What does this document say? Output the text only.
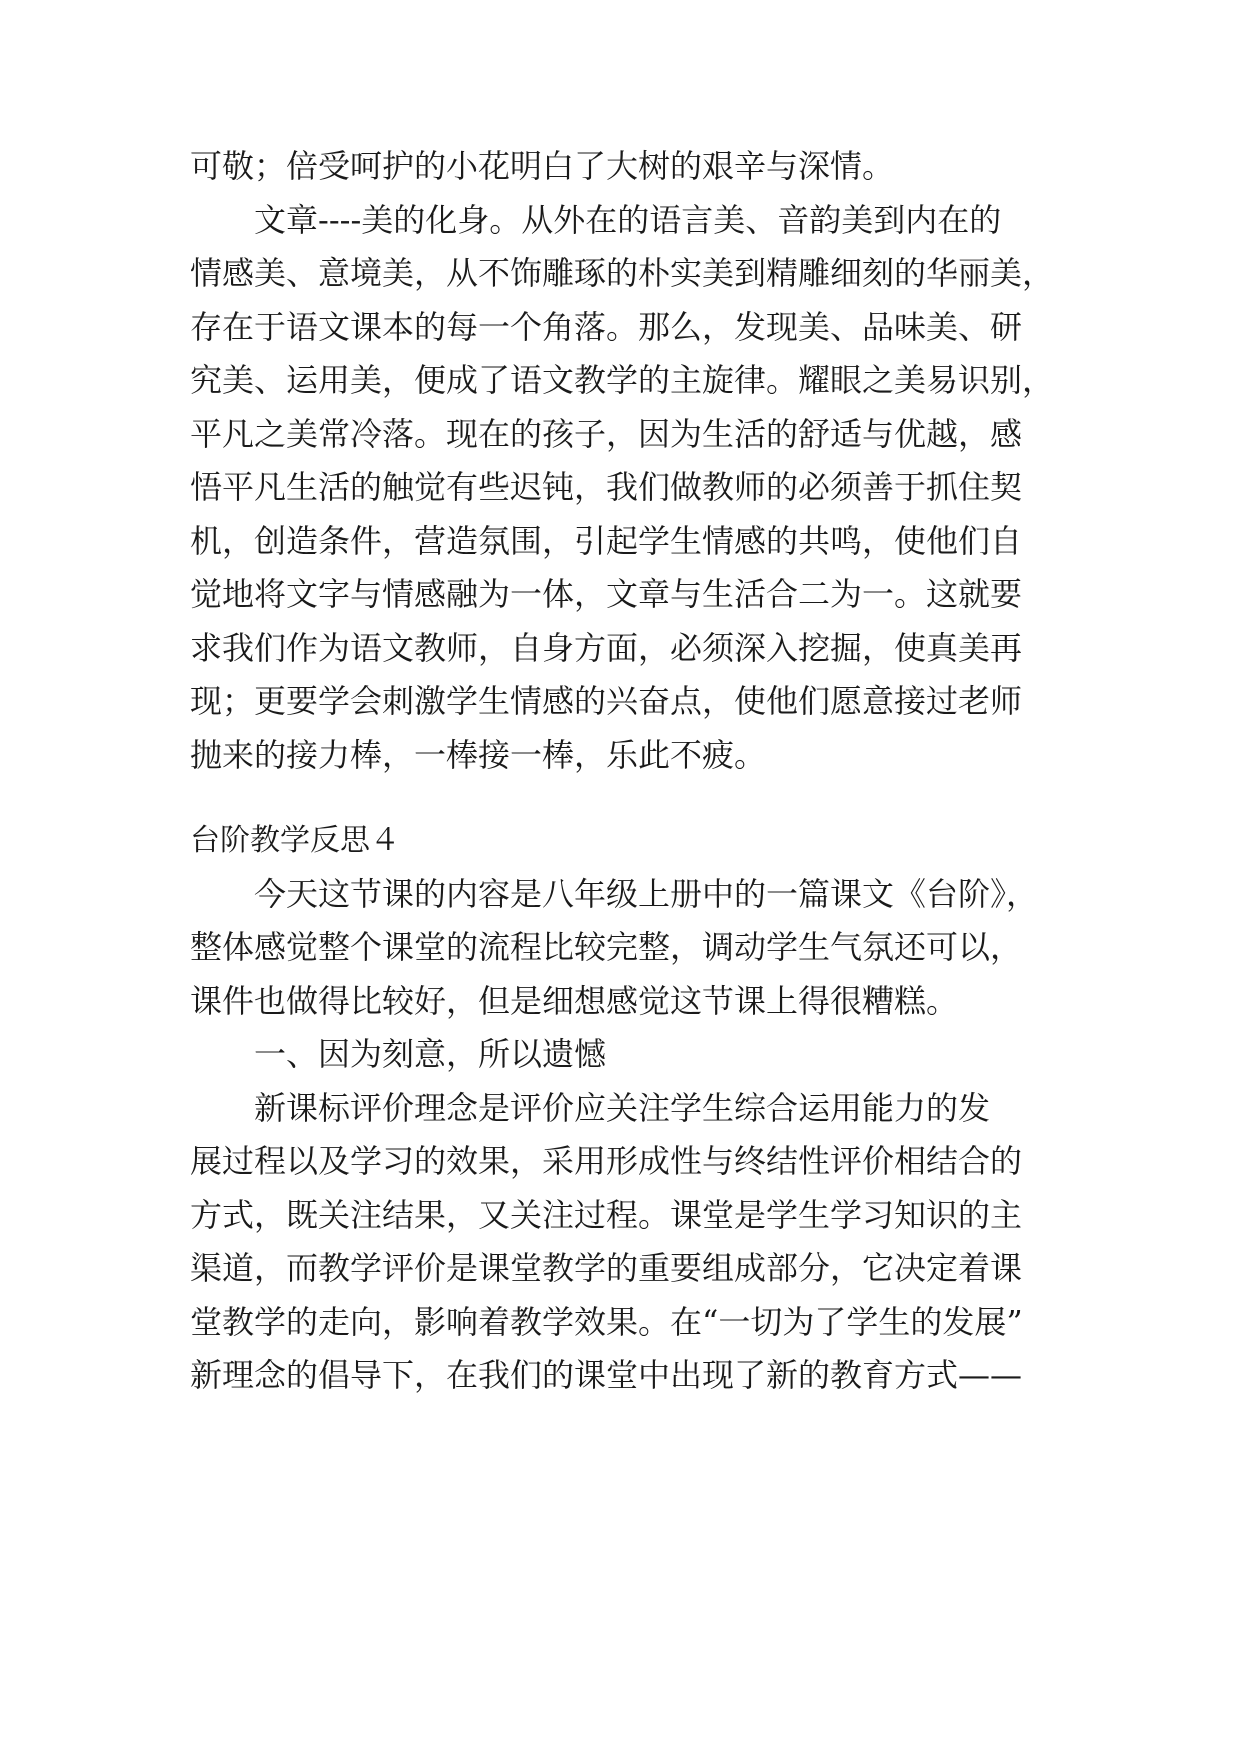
可敬；倍受呵护的小花明白了大树的艰辛与深情。
文章----美的化身。从外在的语言美、音韵美到内在的
情感美、意境美，从不饰雕琢的朴实美到精雕细刻的华丽美，
存在于语文课本的每一个角落。那么，发现美、品味美、研
究美、运用美，便成了语文教学的主旋律。耀眼之美易识别，
平凡之美常冷落。现在的孩子，因为生活的舒适与优越，感
悟平凡生活的触觉有些迟钝，我们做教师的必须善于抓住契
机，创造条件，营造氛围，引起学生情感的共鸣，使他们自
觉地将文字与情感融为一体，文章与生活合二为一。这就要
求我们作为语文教师，自身方面，必须深入挖掘，使真美再
现；更要学会刺激学生情感的兴奋点，使他们愿意接过老师
抛来的接力棒，一棒接一棒，乐此不疲。
台阶教学反思４
今天这节课的内容是八年级上册中的一篇课文《台阶》，
整体感觉整个课堂的流程比较完整，调动学生气氛还可以，
课件也做得比较好，但是细想感觉这节课上得很糟糕。
一、因为刻意，所以遗憾
新课标评价理念是评价应关注学生综合运用能力的发
展过程以及学习的效果，采用形成性与终结性评价相结合的
方式，既关注结果，又关注过程。课堂是学生学习知识的主
渠道，而教学评价是课堂教学的重要组成部分，它决定着课
堂教学的走向，影响着教学效果。在“一切为了学生的发展”
新理念的倡导下，在我们的课堂中出现了新的教育方式——
